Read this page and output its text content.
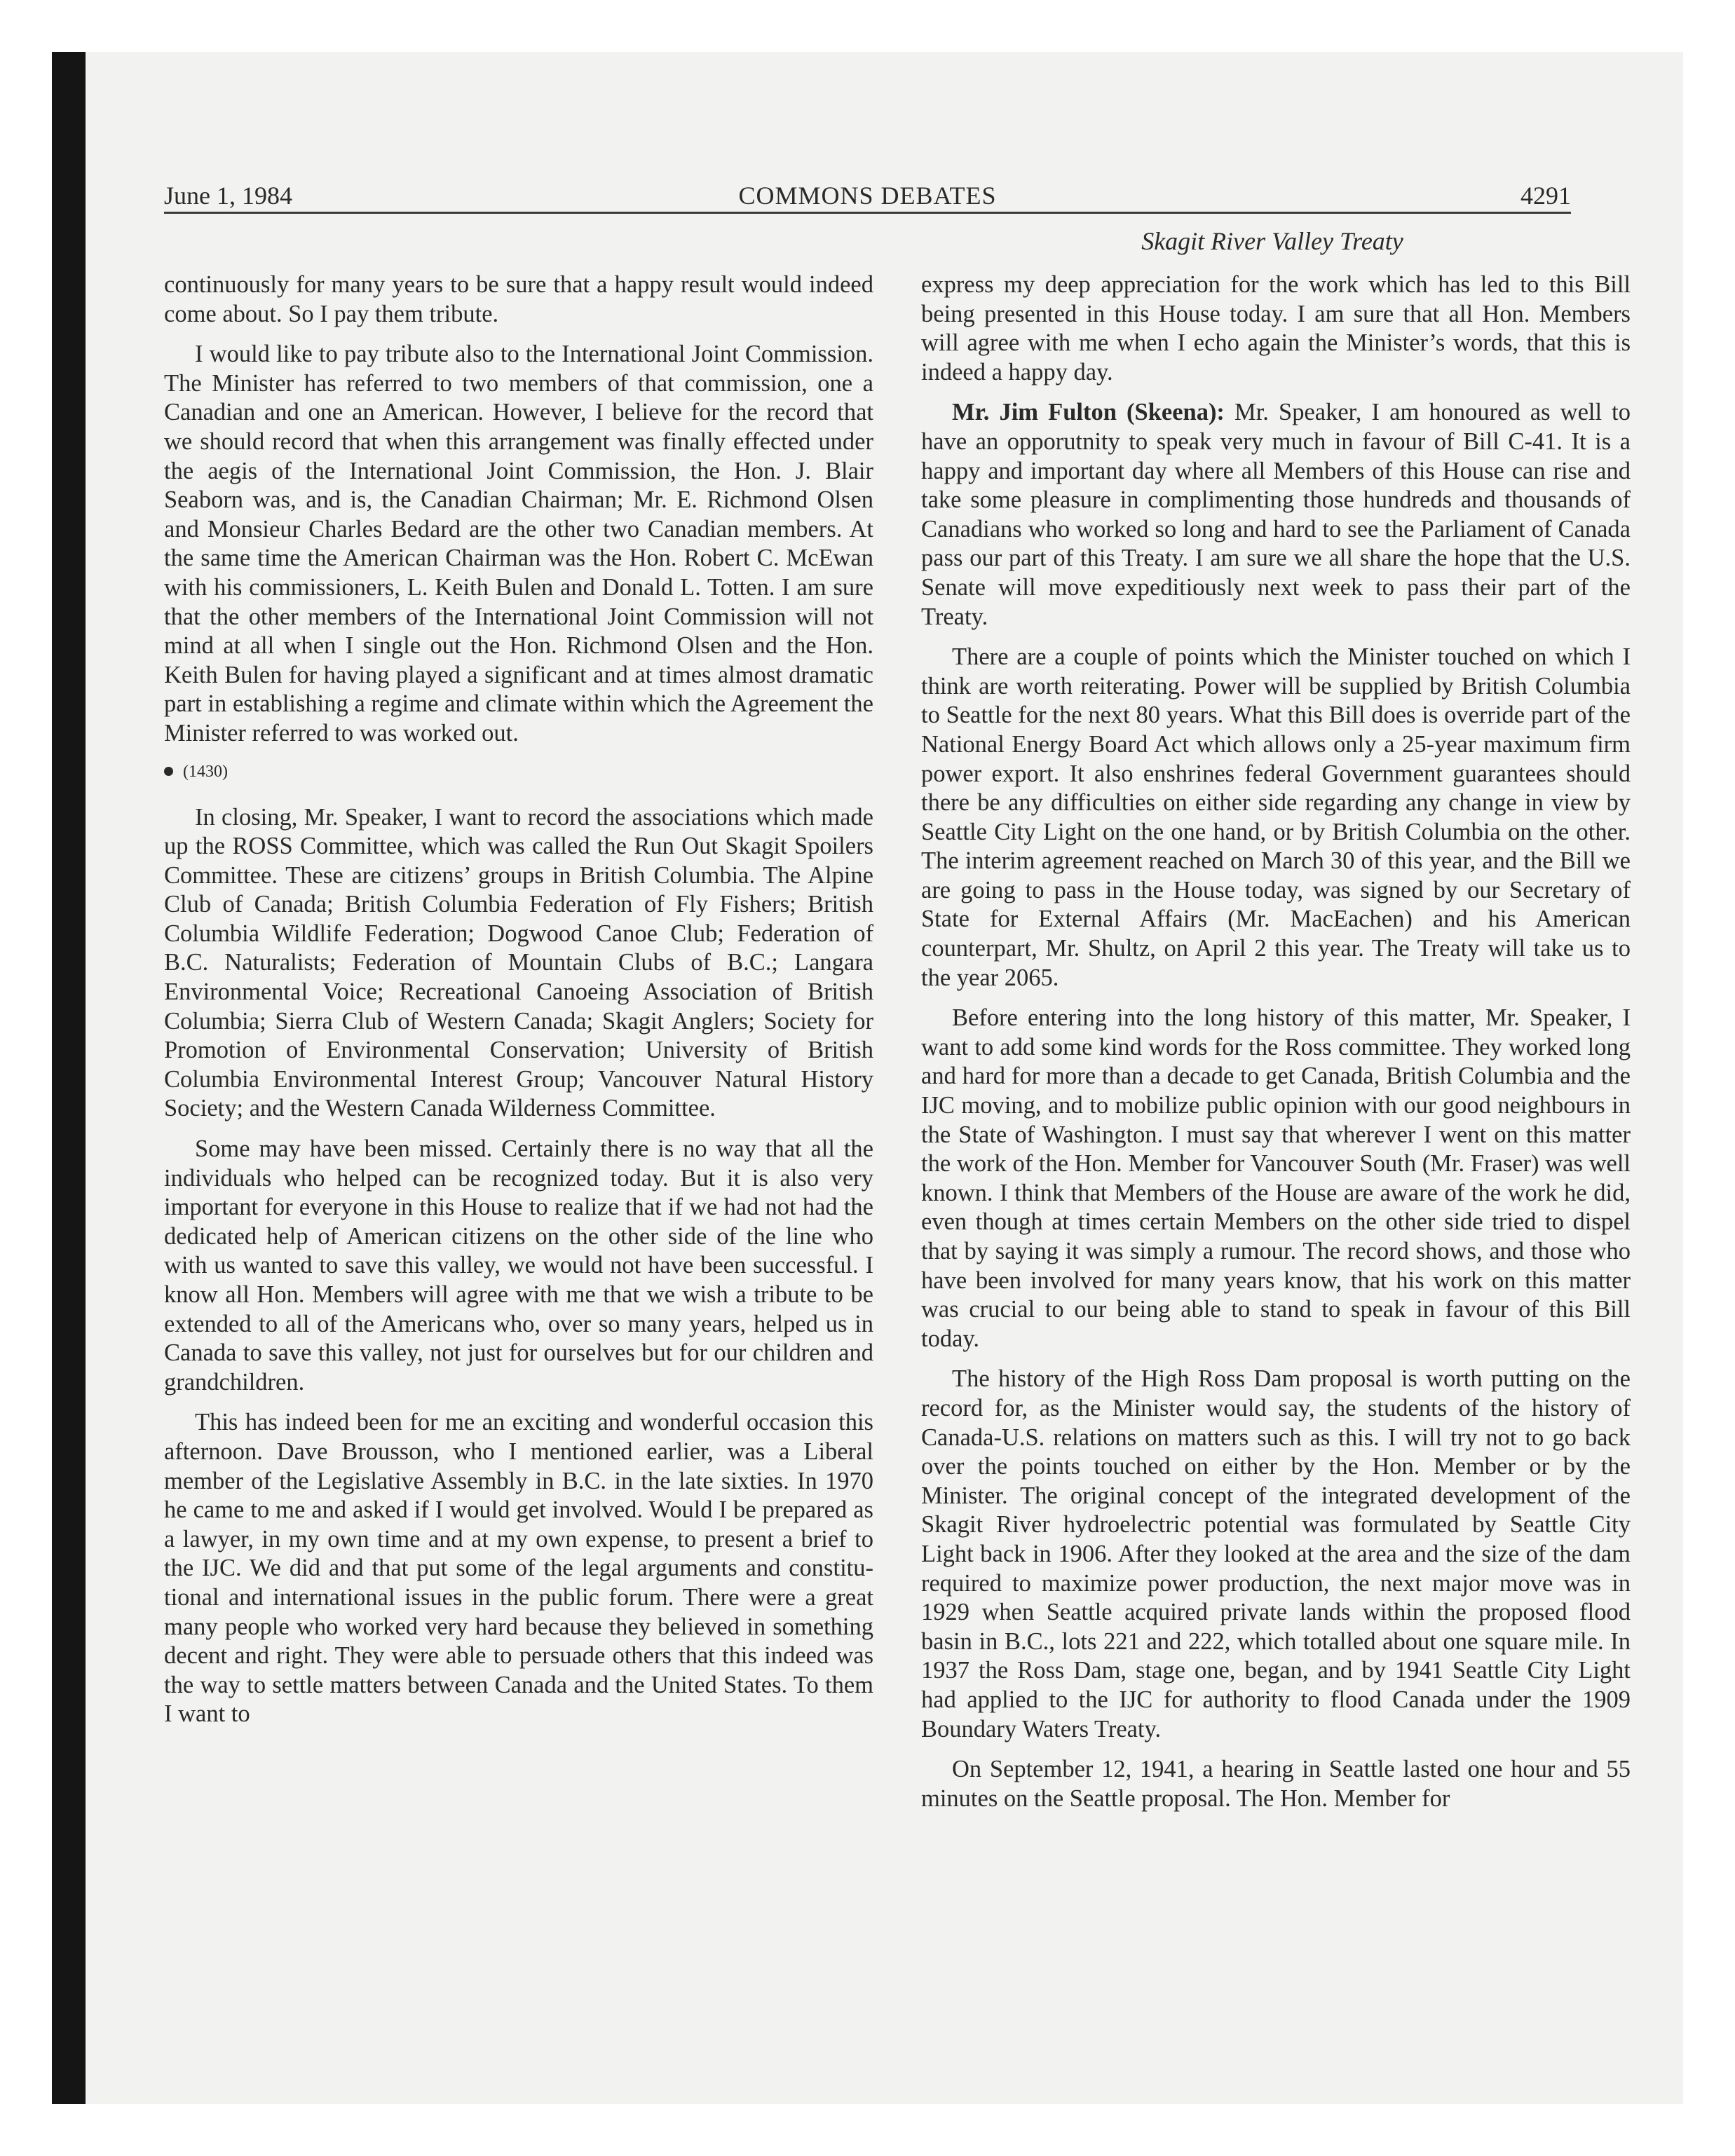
June 1, 1984	COMMONS DEBATES	4291
Skagit River Valley Treaty

continuously for many years to be sure that a happy result would indeed come about. So I pay them tribute.

I would like to pay tribute also to the International Joint Commission. The Minister has referred to two members of that commission, one a Canadian and one an American. However, I believe for the record that we should record that when this arrangement was finally effected under the aegis of the International Joint Commission, the Hon. J. Blair Seaborn was, and is, the Canadian Chairman; Mr. E. Richmond Olsen and Monsieur Charles Bedard are the other two Canadian members. At the same time the American Chairman was the Hon. Robert C. McEwan with his commissioners, L. Keith Bulen and Donald L. Totten. I am sure that the other members of the International Joint Commission will not mind at all when I single out the Hon. Richmond Olsen and the Hon. Keith Bulen for having played a significant and at times almost dramatic part in establishing a regime and climate within which the Agreement the Minister referred to was worked out.

(1430)

In closing, Mr. Speaker, I want to record the associations which made up the ROSS Committee, which was called the Run Out Skagit Spoilers Committee. These are citizens’ groups in British Columbia. The Alpine Club of Canada; British Columbia Federation of Fly Fishers; British Columbia Wildlife Federation; Dogwood Canoe Club; Federation of B.C. Naturalists; Federation of Mountain Clubs of B.C.; Langara Environmental Voice; Recreational Canoeing Association of British Columbia; Sierra Club of Western Canada; Skagit Anglers; Society for Promotion of Environmental Conservation; University of British Columbia Environmental Interest Group; Vancouver Natural History Society; and the Western Canada Wilderness Committee.

Some may have been missed. Certainly there is no way that all the individuals who helped can be recognized today. But it is also very important for everyone in this House to realize that if we had not had the dedicated help of American citizens on the other side of the line who with us wanted to save this valley, we would not have been successful. I know all Hon. Members will agree with me that we wish a tribute to be extended to all of the Americans who, over so many years, helped us in Canada to save this valley, not just for ourselves but for our children and grandchildren.

This has indeed been for me an exciting and wonderful occasion this afternoon. Dave Brousson, who I mentioned earlier, was a Liberal member of the Legislative Assembly in B.C. in the late sixties. In 1970 he came to me and asked if I would get involved. Would I be prepared as a lawyer, in my own time and at my own expense, to present a brief to the IJC. We did and that put some of the legal arguments and constitutional and international issues in the public forum. There were a great many people who worked very hard because they believed in something decent and right. They were able to persuade others that this indeed was the way to settle matters between Canada and the United States. To them I want to

express my deep appreciation for the work which has led to this Bill being presented in this House today. I am sure that all Hon. Members will agree with me when I echo again the Minister’s words, that this is indeed a happy day.

Mr. Jim Fulton (Skeena): Mr. Speaker, I am honoured as well to have an opporutnity to speak very much in favour of Bill C-41. It is a happy and important day where all Members of this House can rise and take some pleasure in complimenting those hundreds and thousands of Canadians who worked so long and hard to see the Parliament of Canada pass our part of this Treaty. I am sure we all share the hope that the U.S. Senate will move expeditiously next week to pass their part of the Treaty.

There are a couple of points which the Minister touched on which I think are worth reiterating. Power will be supplied by British Columbia to Seattle for the next 80 years. What this Bill does is override part of the National Energy Board Act which allows only a 25-year maximum firm power export. It also enshrines federal Government guarantees should there be any difficulties on either side regarding any change in view by Seattle City Light on the one hand, or by British Columbia on the other. The interim agreement reached on March 30 of this year, and the Bill we are going to pass in the House today, was signed by our Secretary of State for External Affairs (Mr. MacEachen) and his American counterpart, Mr. Shultz, on April 2 this year. The Treaty will take us to the year 2065.

Before entering into the long history of this matter, Mr. Speaker, I want to add some kind words for the Ross committee. They worked long and hard for more than a decade to get Canada, British Columbia and the IJC moving, and to mobilize public opinion with our good neighbours in the State of Washington. I must say that wherever I went on this matter the work of the Hon. Member for Vancouver South (Mr. Fraser) was well known. I think that Members of the House are aware of the work he did, even though at times certain Members on the other side tried to dispel that by saying it was simply a rumour. The record shows, and those who have been involved for many years know, that his work on this matter was crucial to our being able to stand to speak in favour of this Bill today.

The history of the High Ross Dam proposal is worth putting on the record for, as the Minister would say, the students of the history of Canada-U.S. relations on matters such as this. I will try not to go back over the points touched on either by the Hon. Member or by the Minister. The original concept of the integrated development of the Skagit River hydroelectric potential was formulated by Seattle City Light back in 1906. After they looked at the area and the size of the dam required to maximize power production, the next major move was in 1929 when Seattle acquired private lands within the proposed flood basin in B.C., lots 221 and 222, which totalled about one square mile. In 1937 the Ross Dam, stage one, began, and by 1941 Seattle City Light had applied to the IJC for authority to flood Canada under the 1909 Boundary Waters Treaty.

On September 12, 1941, a hearing in Seattle lasted one hour and 55 minutes on the Seattle proposal. The Hon. Member for
